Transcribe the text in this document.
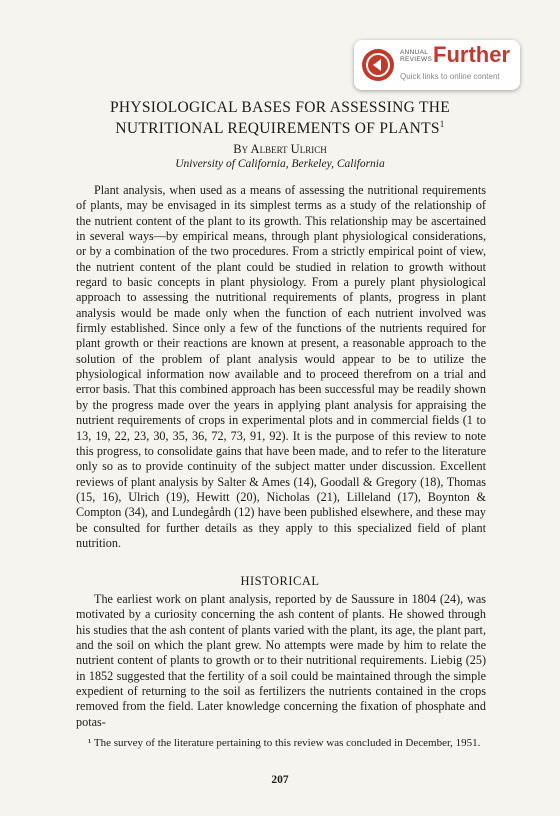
ANNUAL REVIEWS Further
Quick links to online content
PHYSIOLOGICAL BASES FOR ASSESSING THE
NUTRITIONAL REQUIREMENTS OF PLANTS$^1$
By Albert Ulrich
University of California, Berkeley, California

Plant analysis, when used as a means of assessing the nutritional requirements of plants, may be envisaged in its simplest terms as a study of the relationship of the nutrient content of the plant to its growth. This relationship may be ascertained in several ways—by empirical means, through plant physiological considerations, or by a combination of the two procedures. From a strictly empirical point of view, the nutrient content of the plant could be studied in relation to growth without regard to basic concepts in plant physiology. From a purely plant physiological approach to assessing the nutritional requirements of plants, progress in plant analysis would be made only when the function of each nutrient involved was firmly established. Since only a few of the functions of the nutrients required for plant growth or their reactions are known at present, a reasonable approach to the solution of the problem of plant analysis would appear to be to utilize the physiological information now available and to proceed therefrom on a trial and error basis. That this combined approach has been successful may be readily shown by the progress made over the years in applying plant analysis for appraising the nutrient requirements of crops in experimental plots and in commercial fields (1 to 13, 19, 22, 23, 30, 35, 36, 72, 73, 91, 92). It is the purpose of this review to note this progress, to consolidate gains that have been made, and to refer to the literature only so as to provide continuity of the subject matter under discussion. Excellent reviews of plant analysis by Salter & Ames (14), Goodall & Gregory (18), Thomas (15, 16), Ulrich (19), Hewitt (20), Nicholas (21), Lilleland (17), Boynton & Compton (34), and Lundegårdh (12) have been published elsewhere, and these may be consulted for further details as they apply to this specialized field of plant nutrition.

HISTORICAL

The earliest work on plant analysis, reported by de Saussure in 1804 (24), was motivated by a curiosity concerning the ash content of plants. He showed through his studies that the ash content of plants varied with the plant, its age, the plant part, and the soil on which the plant grew. No attempts were made by him to relate the nutrient content of plants to growth or to their nutritional requirements. Liebig (25) in 1852 suggested that the fertility of a soil could be maintained through the simple expedient of returning to the soil as fertilizers the nutrients contained in the crops removed from the field. Later knowledge concerning the fixation of phosphate and potas-

¹ The survey of the literature pertaining to this review was concluded in December, 1951.

207
